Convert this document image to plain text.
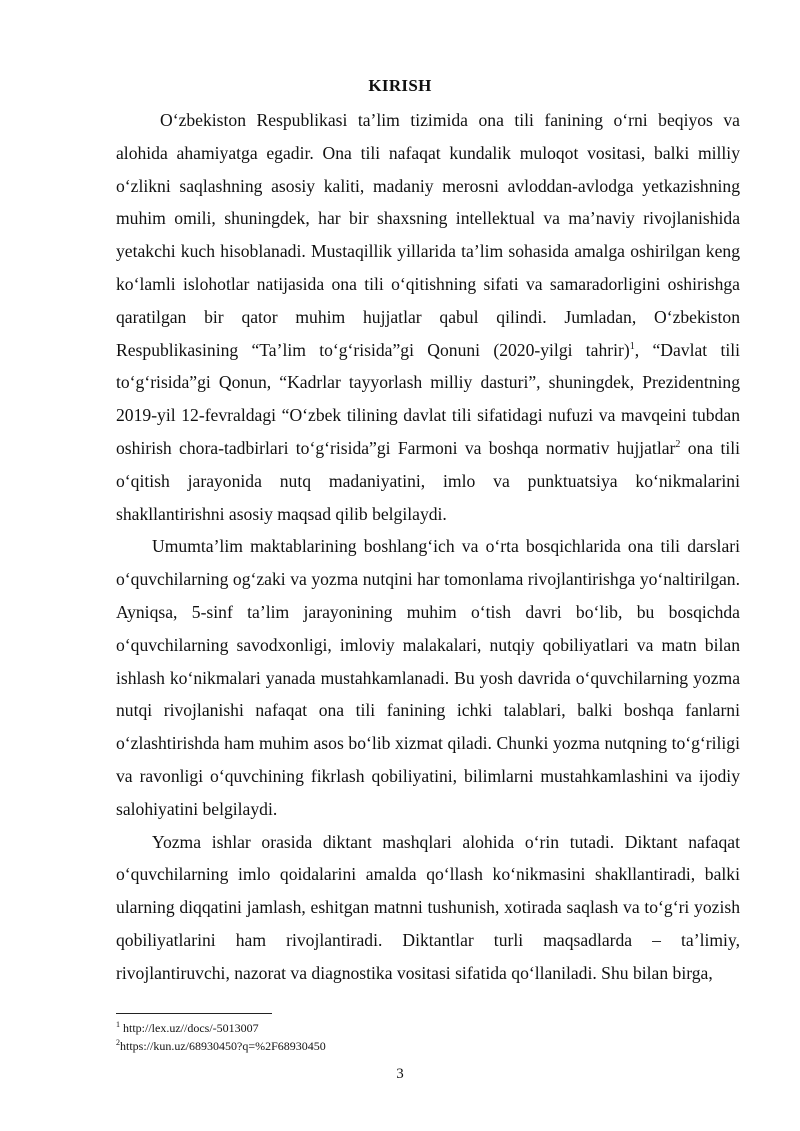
KIRISH

O‘zbekiston Respublikasi ta’lim tizimida ona tili fanining o‘rni beqiyos va alohida ahamiyatga egadir. Ona tili nafaqat kundalik muloqot vositasi, balki milliy o‘zlikni saqlashning asosiy kaliti, madaniy merosni avloddan-avlodga yetkazishning muhim omili, shuningdek, har bir shaxsning intellektual va ma’naviy rivojlanishida yetakchi kuch hisoblanadi. Mustaqillik yillarida ta’lim sohasida amalga oshirilgan keng ko‘lamli islohotlar natijasida ona tili o‘qitishning sifati va samaradorligini oshirishga qaratilgan bir qator muhim hujjatlar qabul qilindi. Jumladan, O‘zbekiston Respublikasining “Ta’lim to‘g‘risida”gi Qonuni (2020-yilgi tahrir)$^1$, “Davlat tili to‘g‘risida”gi Qonun, “Kadrlar tayyorlash milliy dasturi”, shuningdek, Prezidentning 2019-yil 12-fevraldagi “O‘zbek tilining davlat tili sifatidagi nufuzi va mavqeini tubdan oshirish chora-tadbirlari to‘g‘risida”gi Farmoni va boshqa normativ hujjatlar$^2$ ona tili o‘qitish jarayonida nutq madaniyatini, imlo va punktuatsiya ko‘nikmalarini shakllantirishni asosiy maqsad qilib belgilaydi.

Umumta’lim maktablarining boshlang‘ich va o‘rta bosqichlarida ona tili darslari o‘quvchilarning og‘zaki va yozma nutqini har tomonlama rivojlantirishga yo‘naltirilgan. Ayniqsa, 5-sinf ta’lim jarayonining muhim o‘tish davri bo‘lib, bu bosqichda o‘quvchilarning savodxonligi, imloviy malakalari, nutqiy qobiliyatlari va matn bilan ishlash ko‘nikmalari yanada mustahkamlanadi. Bu yosh davrida o‘quvchilarning yozma nutqi rivojlanishi nafaqat ona tili fanining ichki talablari, balki boshqa fanlarni o‘zlashtirishda ham muhim asos bo‘lib xizmat qiladi. Chunki yozma nutqning to‘g‘riligi va ravonligi o‘quvchining fikrlash qobiliyatini, bilimlarni mustahkamlashini va ijodiy salohiyatini belgilaydi.

Yozma ishlar orasida diktant mashqlari alohida o‘rin tutadi. Diktant nafaqat o‘quvchilarning imlo qoidalarini amalda qo‘llash ko‘nikmasini shakllantiradi, balki ularning diqqatini jamlash, eshitgan matnni tushunish, xotirada saqlash va to‘g‘ri yozish qobiliyatlarini ham rivojlantiradi. Diktantlar turli maqsadlarda – ta’limiy, rivojlantiruvchi, nazorat va diagnostika vositasi sifatida qo‘llaniladi. Shu bilan birga,

$^1$ http://lex.uz//docs/-5013007
$^2$https://kun.uz/68930450?q=%2F68930450
3
